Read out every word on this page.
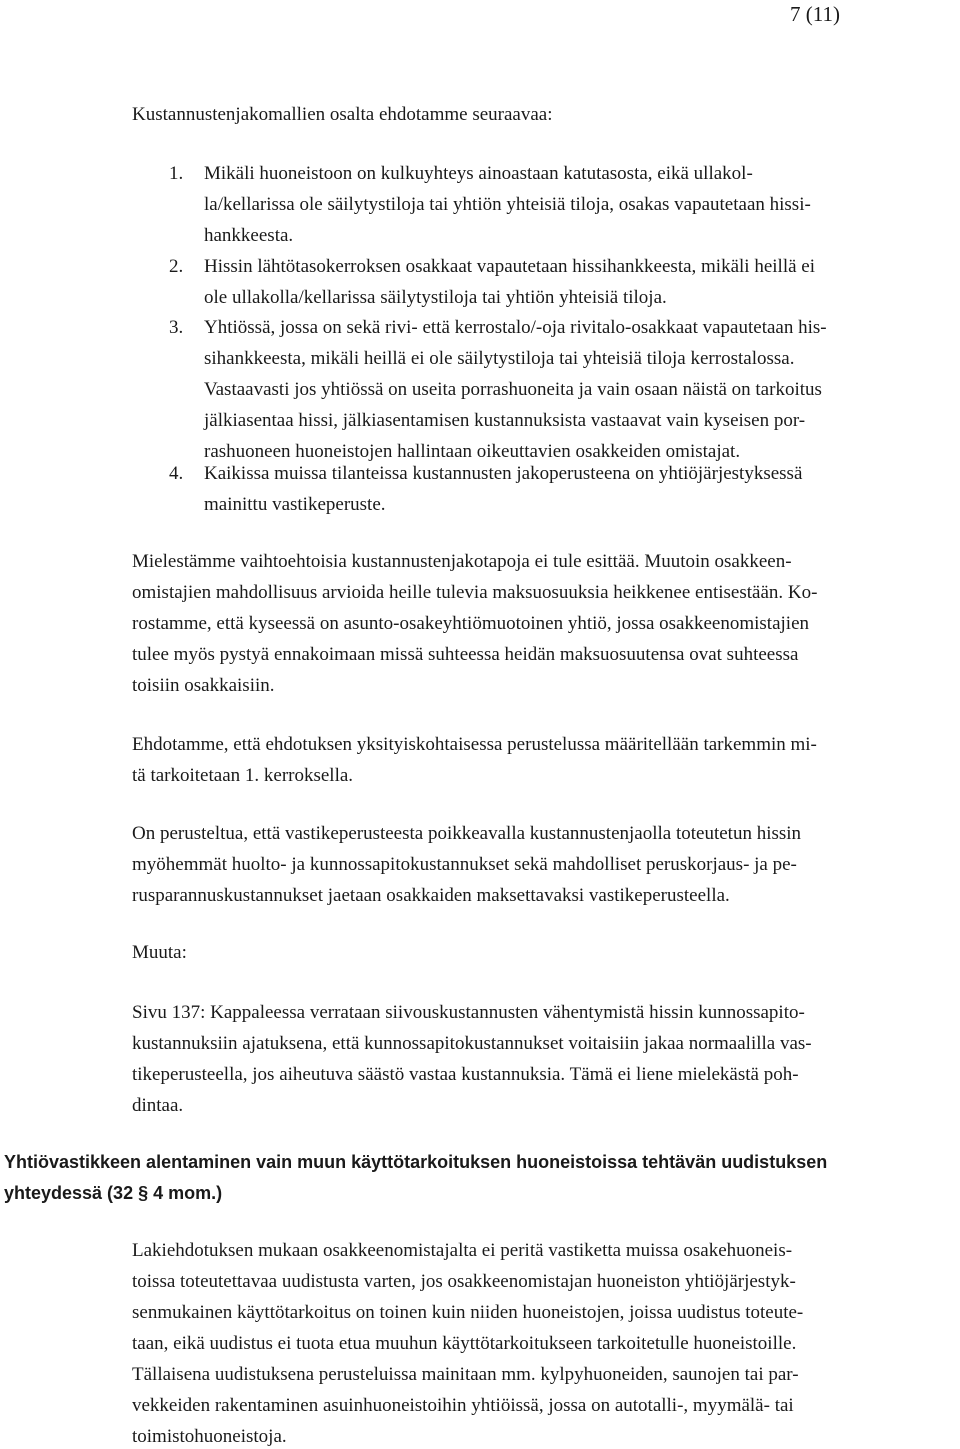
7 (11)
Kustannustenjakomallien osalta ehdotamme seuraavaa:
1. Mikäli huoneistoon on kulkuyhteys ainoastaan katutasosta, eikä ullakol-
la/kellarissa ole säilytystiloja tai yhtiön yhteisiä tiloja, osakas vapautetaan hissi-
hankkeesta.
2. Hissin lähtötasokerroksen osakkaat vapautetaan hissihankkeesta, mikäli heillä ei
ole ullakolla/kellarissa säilytystiloja tai yhtiön yhteisiä tiloja.
3. Yhtiössä, jossa on sekä rivi- että kerrostalo/-oja rivitalo-osakkaat vapautetaan his-
sihankkeesta, mikäli heillä ei ole säilytystiloja tai yhteisiä tiloja kerrostalossa.
Vastaavasti jos yhtiössä on useita porrashuoneita ja vain osaan näistä on tarkoitus
jälkiasentaa hissi, jälkiasentamisen kustannuksista vastaavat vain kyseisen por-
rashuoneen huoneistojen hallintaan oikeuttavien osakkeiden omistajat.
4. Kaikissa muissa tilanteissa kustannusten jakoperusteena on yhtiöjärjestyksessä
mainittu vastikeperuste.
Mielestämme vaihtoehtoisia kustannustenjakotapoja ei tule esittää. Muutoin osakkeen-
omistajien mahdollisuus arvioida heille tulevia maksuosuuksia heikkenee entisestään. Ko-
rostamme, että kyseessä on asunto-osakeyhtiömuotoinen yhtiö, jossa osakkeenomistajien
tulee myös pystyä ennakoimaan missä suhteessa heidän maksuosuutensa ovat suhteessa
toisiin osakkaisiin.
Ehdotamme, että ehdotuksen yksityiskohtaisessa perustelussa määritellään tarkemmin mi-
tä tarkoitetaan 1. kerroksella.
On perusteltua, että vastikeperusteesta poikkeavalla kustannustenjaolla toteutetun hissin
myöhemmät huolto- ja kunnossapitokustannukset sekä mahdolliset peruskorjaus- ja pe-
rusparannuskustannukset jaetaan osakkaiden maksettavaksi vastikeperusteella.
Muuta:
Sivu 137: Kappaleessa verrataan siivouskustannusten vähentymistä hissin kunnossapito-
kustannuksiin ajatuksena, että kunnossapitokustannukset voitaisiin jakaa normaalilla vas-
tikeperusteella, jos aiheutuva säästö vastaa kustannuksia. Tämä ei liene mielekästä poh-
dintaa.
Yhtiövastikkeen alentaminen vain muun käyttötarkoituksen huoneistoissa tehtävän uudistuksen
yhteydessä (32 § 4 mom.)
Lakiehdotuksen mukaan osakkeenomistajalta ei peritä vastiketta muissa osakehuoneis-
toissa toteutettavaa uudistusta varten, jos osakkeenomistajan huoneiston yhtiöjärjestyk-
senmukainen käyttötarkoitus on toinen kuin niiden huoneistojen, joissa uudistus toteute-
taan, eikä uudistus ei tuota etua muuhun käyttötarkoitukseen tarkoitetulle huoneistoille.
Tällaisena uudistuksena perusteluissa mainitaan mm. kylpyhuoneiden, saunojen tai par-
vekkeiden rakentaminen asuinhuoneistoihin yhtiöissä, jossa on autotalli-, myymälä- tai
toimistohuoneistoja.
